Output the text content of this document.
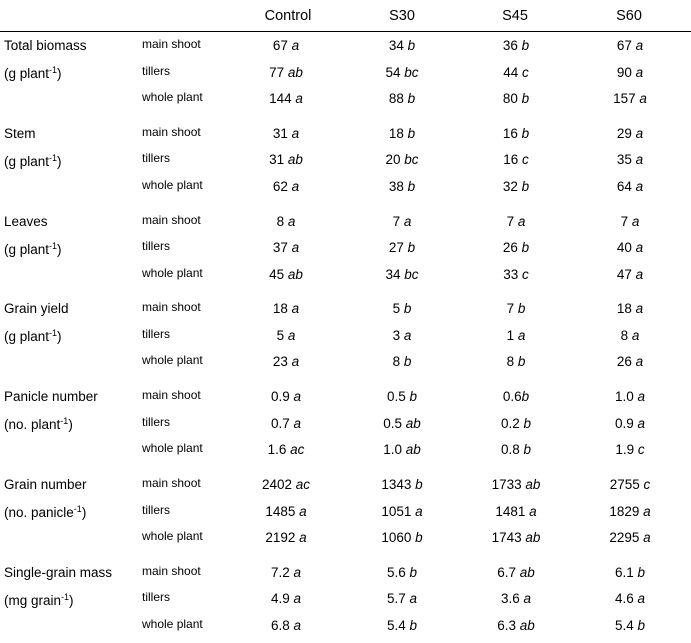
Control	S30	S45	S60
Total biomass
(g plant$^{-1}$)
main shoot	67 a	34 b	36 b	67 a
tillers	77 ab	54 bc	44 c	90 a
whole plant	144 a	88 b	80 b	157 a
Stem
(g plant$^{-1}$)
main shoot	31 a	18 b	16 b	29 a
tillers	31 ab	20 bc	16 c	35 a
whole plant	62 a	38 b	32 b	64 a
Leaves
(g plant$^{-1}$)
main shoot	8 a	7 a	7 a	7 a
tillers	37 a	27 b	26 b	40 a
whole plant	45 ab	34 bc	33 c	47 a
Grain yield
(g plant$^{-1}$)
main shoot	18 a	5 b	7 b	18 a
tillers	5 a	3 a	1 a	8 a
whole plant	23 a	8 b	8 b	26 a
Panicle number
(no. plant$^{-1}$)
main shoot	0.9 a	0.5 b	0.6b	1.0 a
tillers	0.7 a	0.5 ab	0.2 b	0.9 a
whole plant	1.6 ac	1.0 ab	0.8 b	1.9 c
Grain number
(no. panicle$^{-1}$)
main shoot	2402 ac	1343 b	1733 ab	2755 c
tillers	1485 a	1051 a	1481 a	1829 a
whole plant	2192 a	1060 b	1743 ab	2295 a
Single-grain mass
(mg grain$^{-1}$)
main shoot	7.2 a	5.6 b	6.7 ab	6.1 b
tillers	4.9 a	5.7 a	3.6 a	4.6 a
whole plant	6.8 a	5.4 b	6.3 ab	5.4 b
